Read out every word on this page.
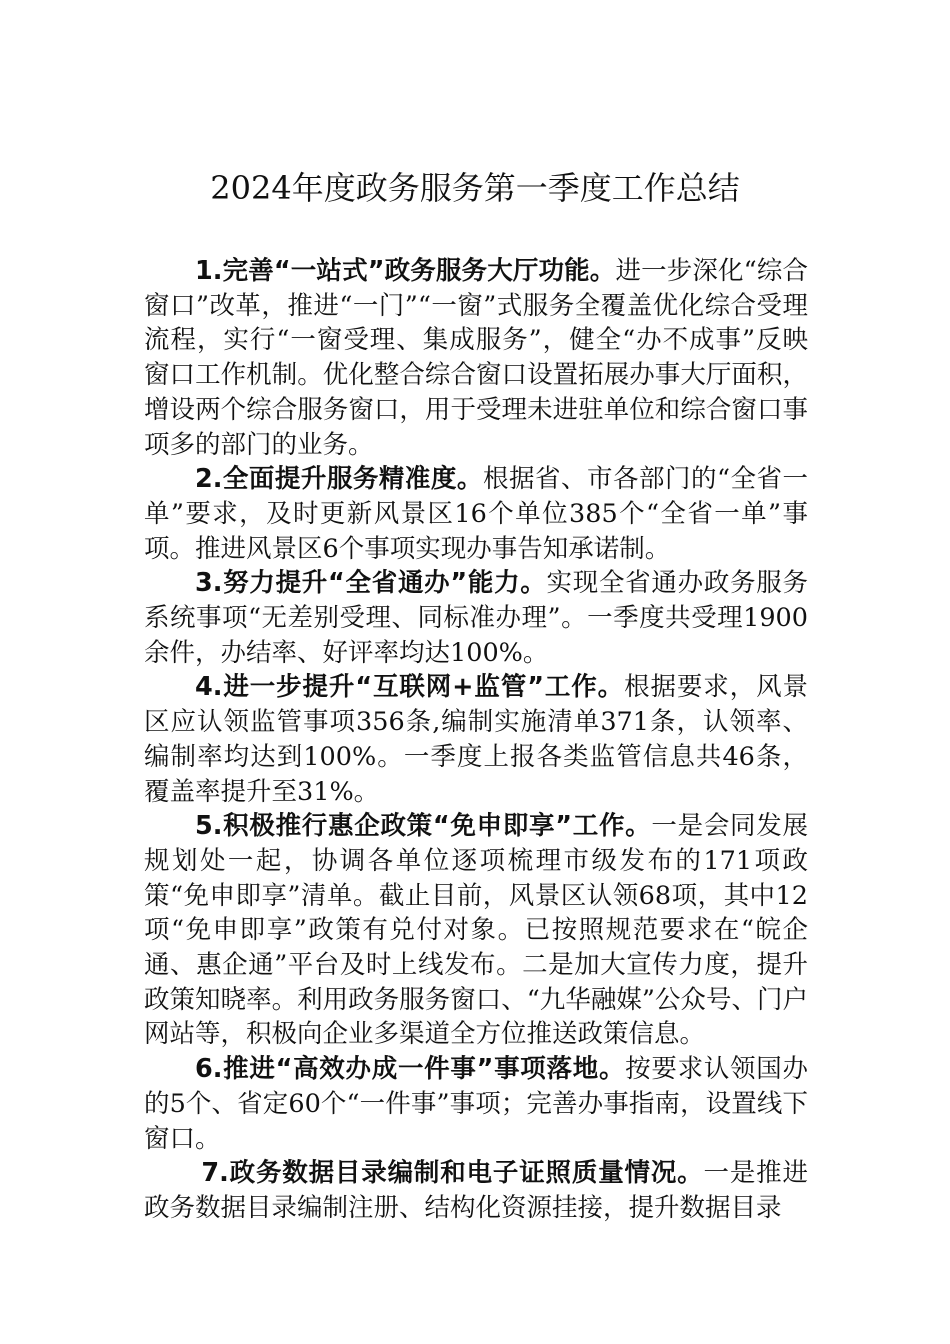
2024年度政务服务第一季度工作总结

1.完善“一站式”政务服务大厅功能。进一步深化“综合窗口”改革，推进“一门”“一窗”式服务全覆盖优化综合受理流程，实行“一窗受理、集成服务”，健全“办不成事”反映窗口工作机制。优化整合综合窗口设置拓展办事大厅面积，增设两个综合服务窗口，用于受理未进驻单位和综合窗口事项多的部门的业务。

2.全面提升服务精准度。根据省、市各部门的“全省一单”要求，及时更新风景区16个单位385个“全省一单”事项。推进风景区6个事项实现办事告知承诺制。

3.努力提升“全省通办”能力。实现全省通办政务服务系统事项“无差别受理、同标准办理”。一季度共受理1900余件，办结率、好评率均达100%。

4.进一步提升“互联网+监管”工作。根据要求，风景区应认领监管事项356条,编制实施清单371条，认领率、编制率均达到100%。一季度上报各类监管信息共46条，覆盖率提升至31%。

5.积极推行惠企政策“免申即享”工作。一是会同发展规划处一起，协调各单位逐项梳理市级发布的171项政策“免申即享”清单。截止目前，风景区认领68项，其中12项“免申即享”政策有兑付对象。已按照规范要求在“皖企通、惠企通”平台及时上线发布。二是加大宣传力度，提升政策知晓率。利用政务服务窗口、“九华融媒”公众号、门户网站等，积极向企业多渠道全方位推送政策信息。

6.推进“高效办成一件事”事项落地。按要求认领国办的5个、省定60个“一件事”事项；完善办事指南，设置线下窗口。

7.政务数据目录编制和电子证照质量情况。一是推进政务数据目录编制注册、结构化资源挂接，提升数据目录
